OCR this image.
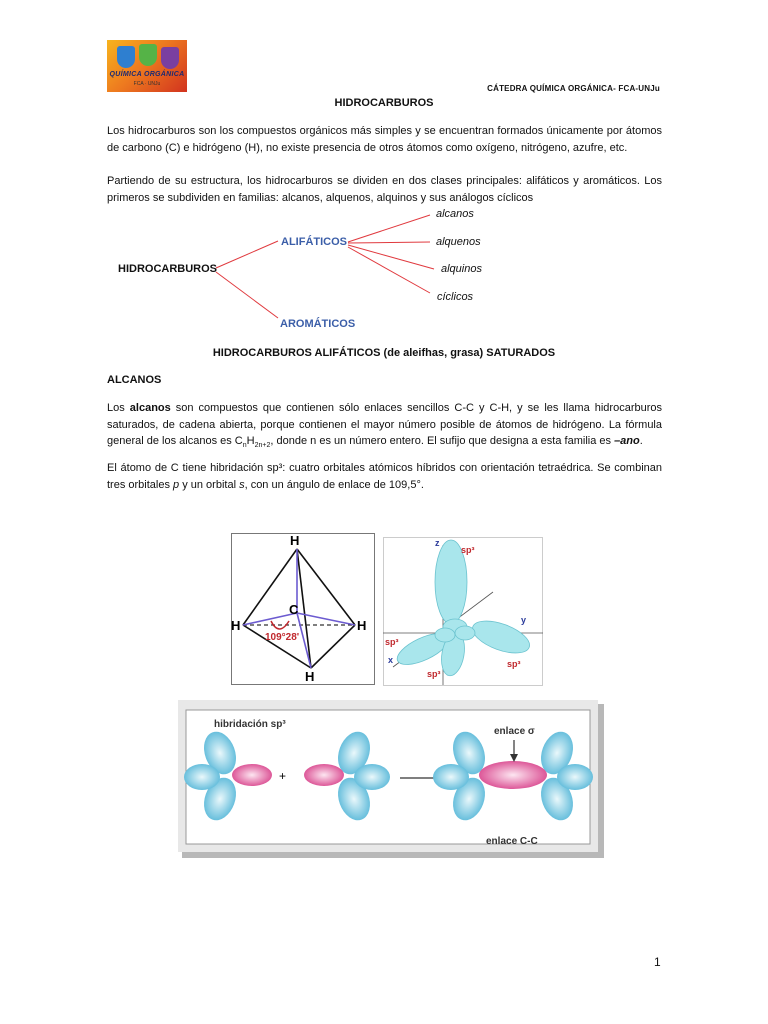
QUÍMICA ORGÁNICA
FCA · UNJu	CÁTEDRA QUÍMICA ORGÁNICA- FCA-UNJu
HIDROCARBUROS
Los hidrocarburos son los compuestos orgánicos más simples y se encuentran formados únicamente por átomos de carbono (C) e hidrógeno (H), no existe presencia de otros átomos como oxígeno, nitrógeno, azufre, etc.
Partiendo de su estructura, los hidrocarburos se dividen en dos clases principales: alifáticos y aromáticos. Los primeros se subdividen en familias: alcanos, alquenos, alquinos y sus análogos cíclicos
HIDROCARBUROS
ALIFÁTICOS
AROMÁTICOS
alcanos
alquenos
alquinos
cíclicos
HIDROCARBUROS ALIFÁTICOS (de aleifhas, grasa) SATURADOS
ALCANOS
Los alcanos son compuestos que contienen sólo enlaces sencillos C-C y C-H, y se les llama hidrocarburos saturados, de cadena abierta, porque contienen el mayor número posible de átomos de hidrógeno. La fórmula general de los alcanos es $C_nH_{2n+2}$, donde n es un número entero. El sufijo que designa a esta familia es –ano.
El átomo de C tiene hibridación sp³: cuatro orbitales atómicos híbridos con orientación tetraédrica. Se combinan tres orbitales p y un orbital s, con un ángulo de enlace de 109,5°.
H
H	H
H
C
109°28'
z
y
x
sp³
sp³
sp³
sp³
+
hibridación sp³
enlace σ
enlace C-C
1
